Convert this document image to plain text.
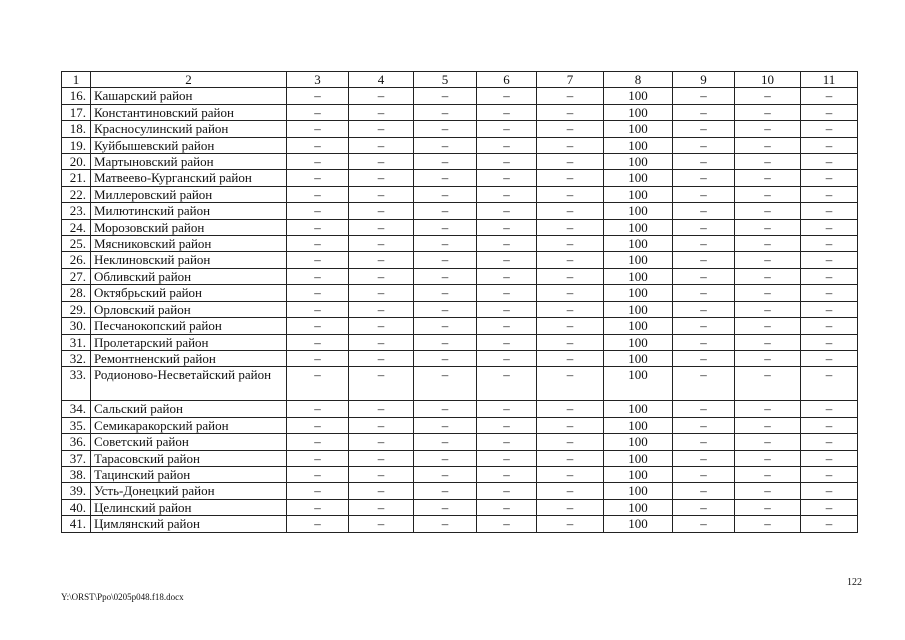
1	2	3	4	5	6	7	8	9	10	11
16.	Кашарский район	–	–	–	–	–	100	–	–	–
17.	Константиновский район	–	–	–	–	–	100	–	–	–
18.	Красносулинский район	–	–	–	–	–	100	–	–	–
19.	Куйбышевский район	–	–	–	–	–	100	–	–	–
20.	Мартыновский район	–	–	–	–	–	100	–	–	–
21.	Матвеево-Курганский район	–	–	–	–	–	100	–	–	–
22.	Миллеровский район	–	–	–	–	–	100	–	–	–
23.	Милютинский район	–	–	–	–	–	100	–	–	–
24.	Морозовский район	–	–	–	–	–	100	–	–	–
25.	Мясниковский район	–	–	–	–	–	100	–	–	–
26.	Неклиновский район	–	–	–	–	–	100	–	–	–
27.	Обливский район	–	–	–	–	–	100	–	–	–
28.	Октябрьский район	–	–	–	–	–	100	–	–	–
29.	Орловский район	–	–	–	–	–	100	–	–	–
30.	Песчанокопский район	–	–	–	–	–	100	–	–	–
31.	Пролетарский район	–	–	–	–	–	100	–	–	–
32.	Ремонтненский район	–	–	–	–	–	100	–	–	–
33.	Родионово-Несветайский район	–	–	–	–	–	100	–	–	–
34.	Сальский район	–	–	–	–	–	100	–	–	–
35.	Семикаракорский район	–	–	–	–	–	100	–	–	–
36.	Советский район	–	–	–	–	–	100	–	–	–
37.	Тарасовский район	–	–	–	–	–	100	–	–	–
38.	Тацинский район	–	–	–	–	–	100	–	–	–
39.	Усть-Донецкий район	–	–	–	–	–	100	–	–	–
40.	Целинский район	–	–	–	–	–	100	–	–	–
41.	Цимлянский район	–	–	–	–	–	100	–	–	–
122
Y:\ORST\Ppo\0205p048.f18.docx
